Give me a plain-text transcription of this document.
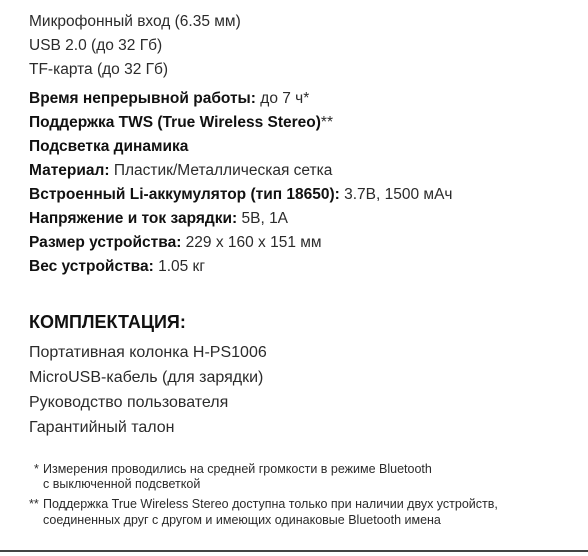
Микрофонный вход (6.35 мм)
USB 2.0 (до 32 Гб)
TF-карта (до 32 Гб)
Время непрерывной работы: до 7 ч*
Поддержка TWS (True Wireless Stereo)**
Подсветка динамика
Материал: Пластик/Металлическая сетка
Встроенный Li-аккумулятор (тип 18650): 3.7В, 1500 мАч
Напряжение и ток зарядки: 5В, 1А
Размер устройства: 229 х 160 х 151 мм
Вес устройства: 1.05 кг
КОМПЛЕКТАЦИЯ:
Портативная колонка H-PS1006
MicroUSB-кабель (для зарядки)
Руководство пользователя
Гарантийный талон
* Измерения проводились на средней громкости в режиме Bluetooth
с выключенной подсветкой
** Поддержка True Wireless Stereo доступна только при наличии двух устройств,
соединенных друг с другом и имеющих одинаковые Bluetooth имена
